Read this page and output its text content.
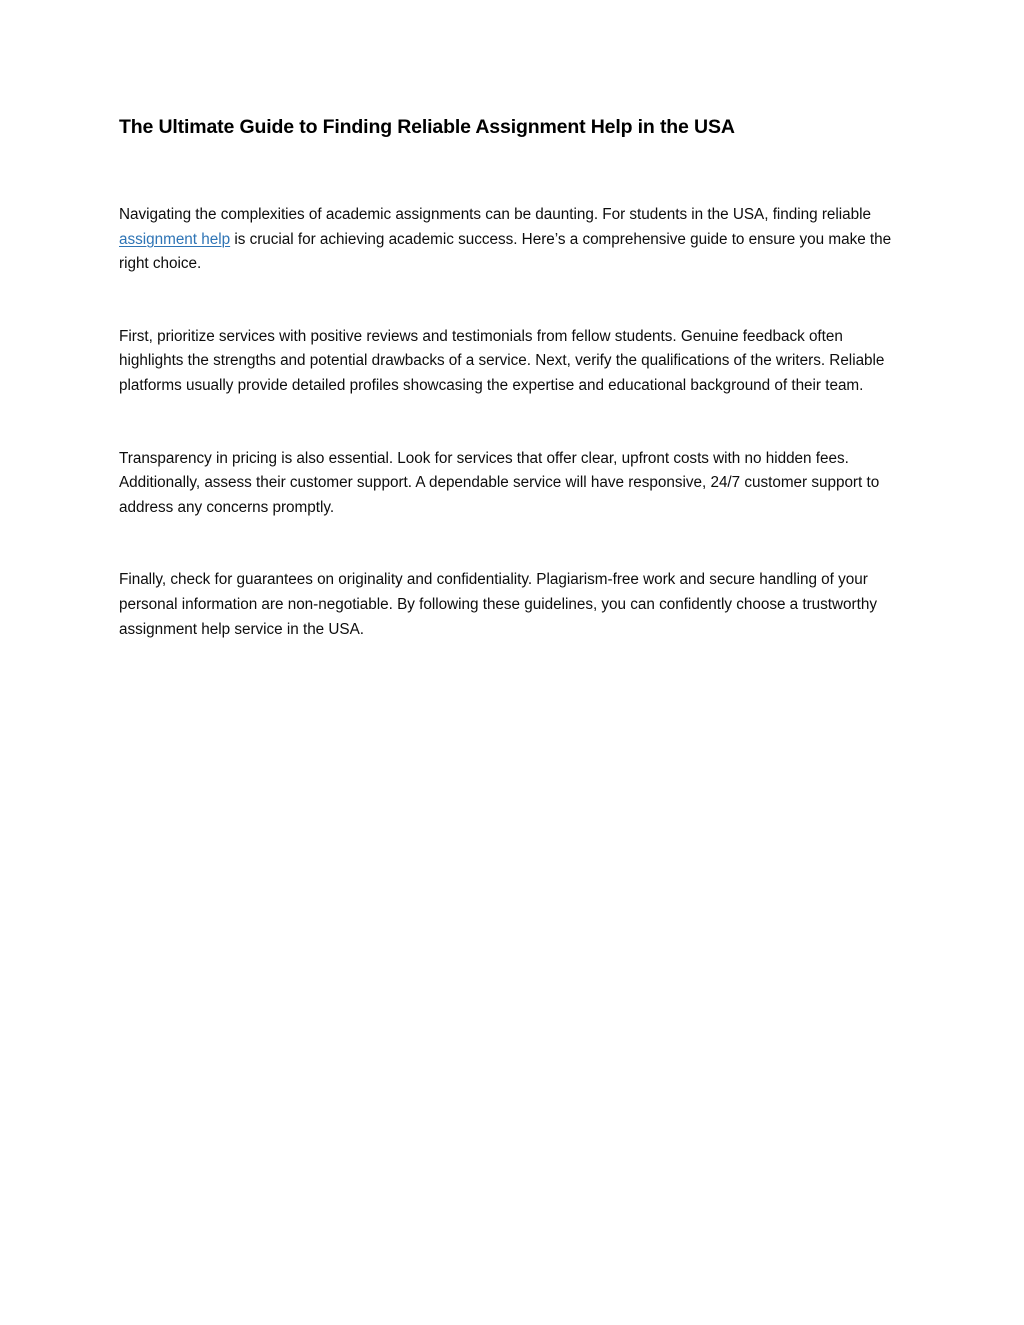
The Ultimate Guide to Finding Reliable Assignment Help in the USA

Navigating the complexities of academic assignments can be daunting. For students in the USA, finding reliable assignment help is crucial for achieving academic success. Here’s a comprehensive guide to ensure you make the right choice.

First, prioritize services with positive reviews and testimonials from fellow students. Genuine feedback often highlights the strengths and potential drawbacks of a service. Next, verify the qualifications of the writers. Reliable platforms usually provide detailed profiles showcasing the expertise and educational background of their team.

Transparency in pricing is also essential. Look for services that offer clear, upfront costs with no hidden fees. Additionally, assess their customer support. A dependable service will have responsive, 24/7 customer support to address any concerns promptly.

Finally, check for guarantees on originality and confidentiality. Plagiarism-free work and secure handling of your personal information are non-negotiable. By following these guidelines, you can confidently choose a trustworthy assignment help service in the USA.
